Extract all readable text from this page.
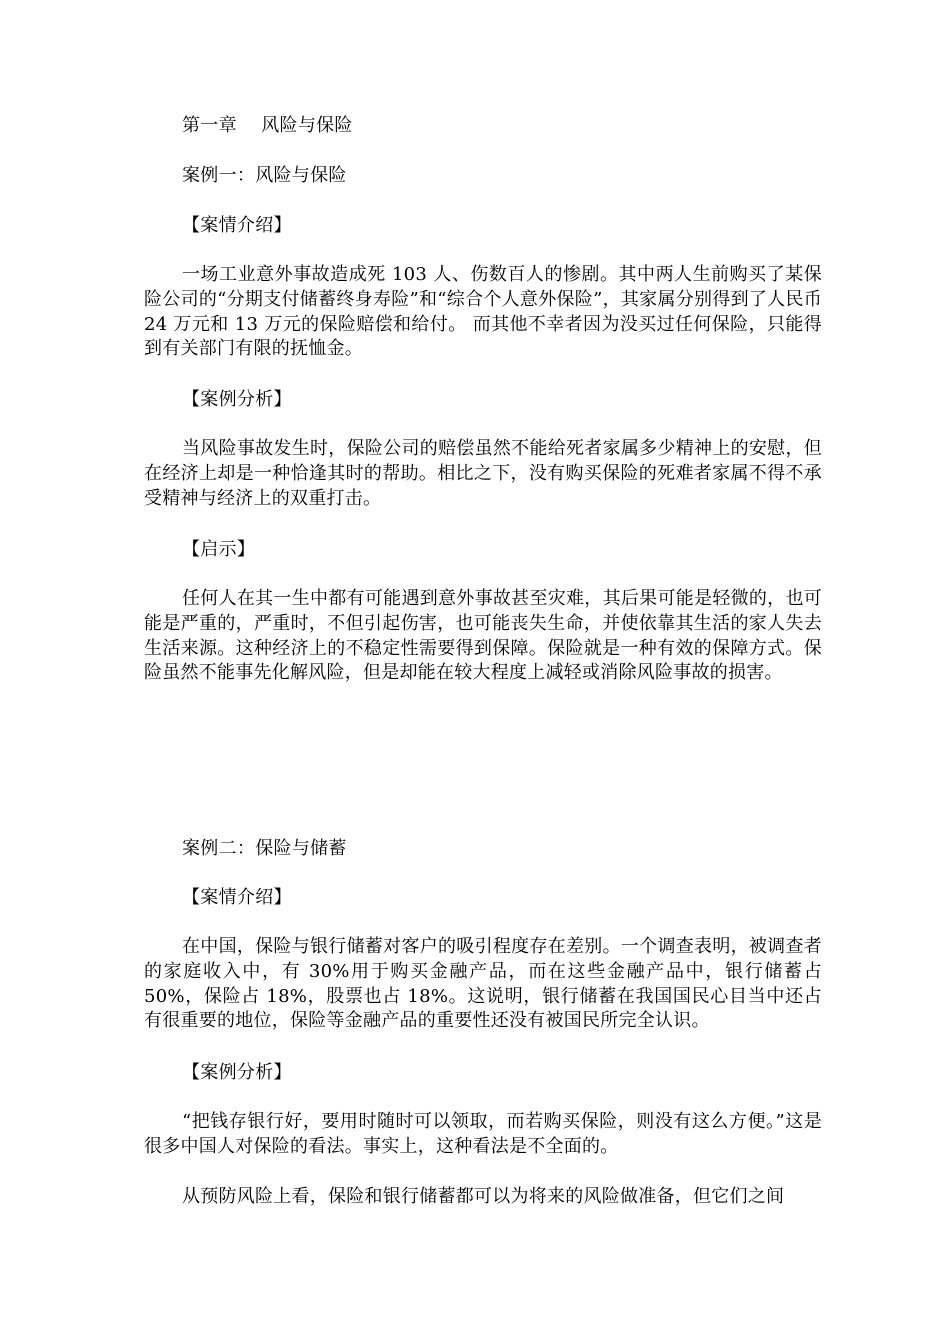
第一章　 风险与保险
案例一：风险与保险
【案情介绍】
一场工业意外事故造成死 103 人、伤数百人的惨剧。其中两人生前购买了某保险公司的“分期支付储蓄终身寿险”和“综合个人意外保险”，其家属分别得到了人民币 24 万元和 13 万元的保险赔偿和给付。 而其他不幸者因为没买过任何保险，只能得到有关部门有限的抚恤金。
【案例分析】
当风险事故发生时，保险公司的赔偿虽然不能给死者家属多少精神上的安慰，但在经济上却是一种恰逢其时的帮助。相比之下，没有购买保险的死难者家属不得不承受精神与经济上的双重打击。
【启示】
任何人在其一生中都有可能遇到意外事故甚至灾难，其后果可能是轻微的，也可能是严重的，严重时，不但引起伤害，也可能丧失生命，并使依靠其生活的家人失去生活来源。这种经济上的不稳定性需要得到保障。保险就是一种有效的保障方式。保险虽然不能事先化解风险，但是却能在较大程度上减轻或消除风险事故的损害。
案例二：保险与储蓄
【案情介绍】
在中国，保险与银行储蓄对客户的吸引程度存在差别。一个调查表明，被调查者的家庭收入中，有 30%用于购买金融产品，而在这些金融产品中，银行储蓄占 50%，保险占 18%，股票也占 18%。这说明，银行储蓄在我国国民心目当中还占有很重要的地位，保险等金融产品的重要性还没有被国民所完全认识。
【案例分析】
“把钱存银行好，要用时随时可以领取，而若购买保险，则没有这么方便。”这是很多中国人对保险的看法。事实上，这种看法是不全面的。
从预防风险上看，保险和银行储蓄都可以为将来的风险做准备，但它们之间
